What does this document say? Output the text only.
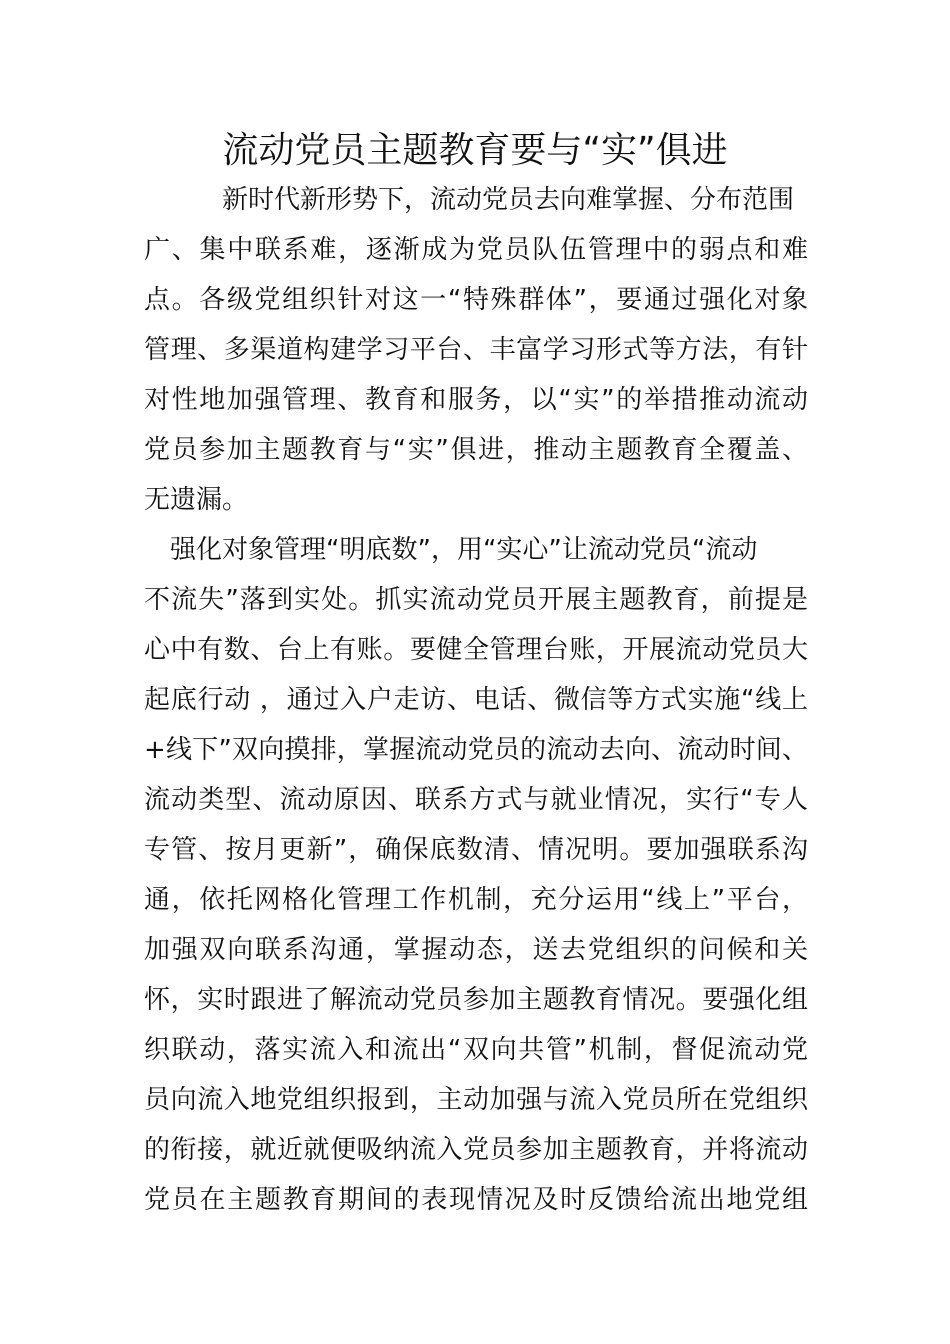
流动党员主题教育要与“实”俱进

新时代新形势下，流动党员去向难掌握、分布范围

广、集中联系难，逐渐成为党员队伍管理中的弱点和难

点。各级党组织针对这一“特殊群体”，要通过强化对象

管理、多渠道构建学习平台、丰富学习形式等方法，有针

对性地加强管理、教育和服务，以“实”的举措推动流动

党员参加主题教育与“实”俱进，推动主题教育全覆盖、

无遗漏。

强化对象管理“明底数”，用“实心”让流动党员“流动

不流失”落到实处。抓实流动党员开展主题教育，前提是

心中有数、台上有账。要健全管理台账，开展流动党员大

起底行动 ，通过入户走访、电话、微信等方式实施“线上

+线下”双向摸排，掌握流动党员的流动去向、流动时间、

流动类型、流动原因、联系方式与就业情况，实行“专人

专管、按月更新”，确保底数清、情况明。要加强联系沟

通，依托网格化管理工作机制，充分运用“线上”平台，

加强双向联系沟通，掌握动态，送去党组织的问候和关

怀，实时跟进了解流动党员参加主题教育情况。要强化组

织联动，落实流入和流出“双向共管”机制，督促流动党

员向流入地党组织报到，主动加强与流入党员所在党组织

的衔接，就近就便吸纳流入党员参加主题教育，并将流动

党员在主题教育期间的表现情况及时反馈给流出地党组
